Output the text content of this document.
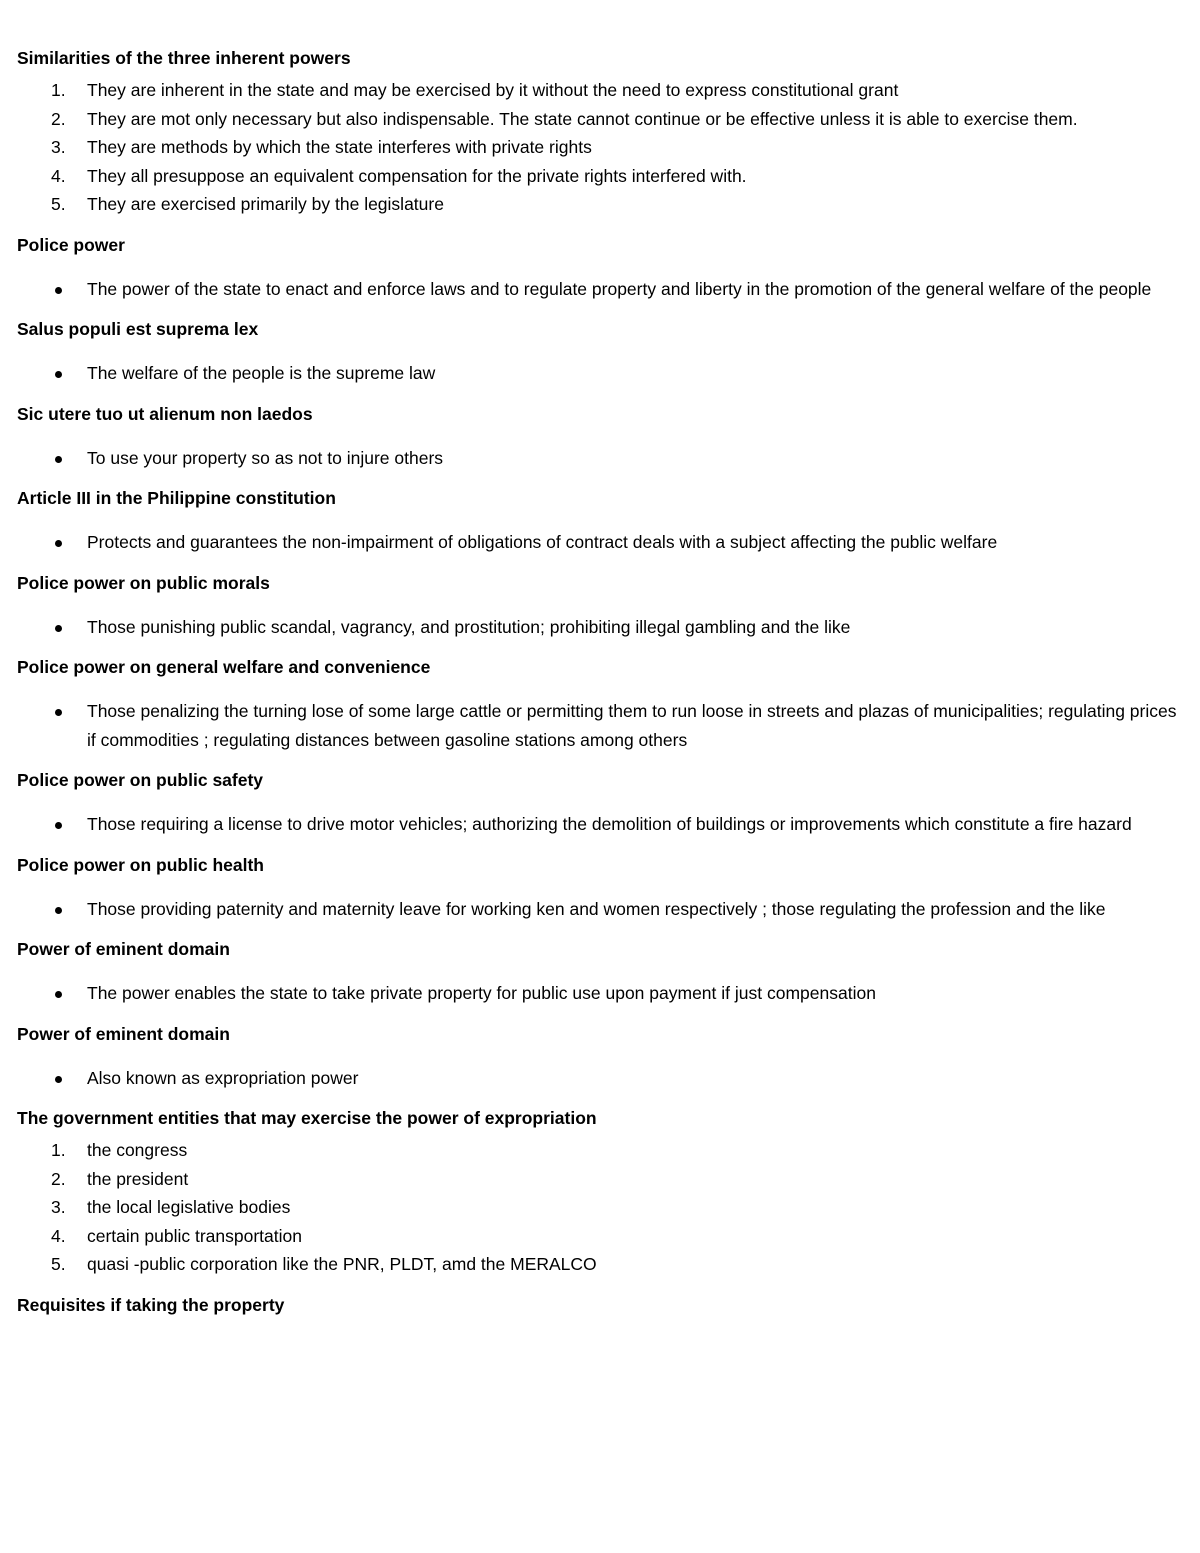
Similarities of the three inherent powers
1.	They are inherent in the state and may be exercised by it without the need to express constitutional grant
2.	They are mot only necessary but also indispensable. The state cannot continue or be effective unless it is able to exercise them.
3.	They are methods by which the state interferes with private rights
4.	They all presuppose an equivalent compensation for the private rights interfered with.
5.	They are exercised primarily by the legislature
Police power
The power of the state to enact and enforce laws and to regulate property and liberty in the promotion of the general welfare of the people
Salus populi est suprema lex
The welfare of the people is the supreme law
Sic utere tuo ut alienum non laedos
To use your property so as not to injure others
Article III in the Philippine constitution
Protects and guarantees the non-impairment of obligations of contract deals with a subject affecting the public welfare
Police power on public morals
Those punishing public scandal, vagrancy, and prostitution; prohibiting illegal gambling and the like
Police power on general welfare and convenience
Those penalizing the turning lose of some large cattle or permitting them to run loose in streets and plazas of municipalities; regulating prices if commodities ; regulating distances between gasoline stations among others
Police power on public safety
Those requiring a license to drive motor vehicles; authorizing the demolition of buildings or improvements which constitute a fire hazard
Police power on public health
Those providing paternity and maternity leave for working ken and women respectively ; those regulating the profession and the like
Power of eminent domain
The power enables the state to take private property for public use upon payment if just compensation
Power of eminent domain
Also known as expropriation power
The government entities that may exercise the power of expropriation
1.	the congress
2.	the president
3.	the local legislative bodies
4.	certain public transportation
5.	quasi -public corporation like the PNR, PLDT, amd the MERALCO
Requisites if taking the property
